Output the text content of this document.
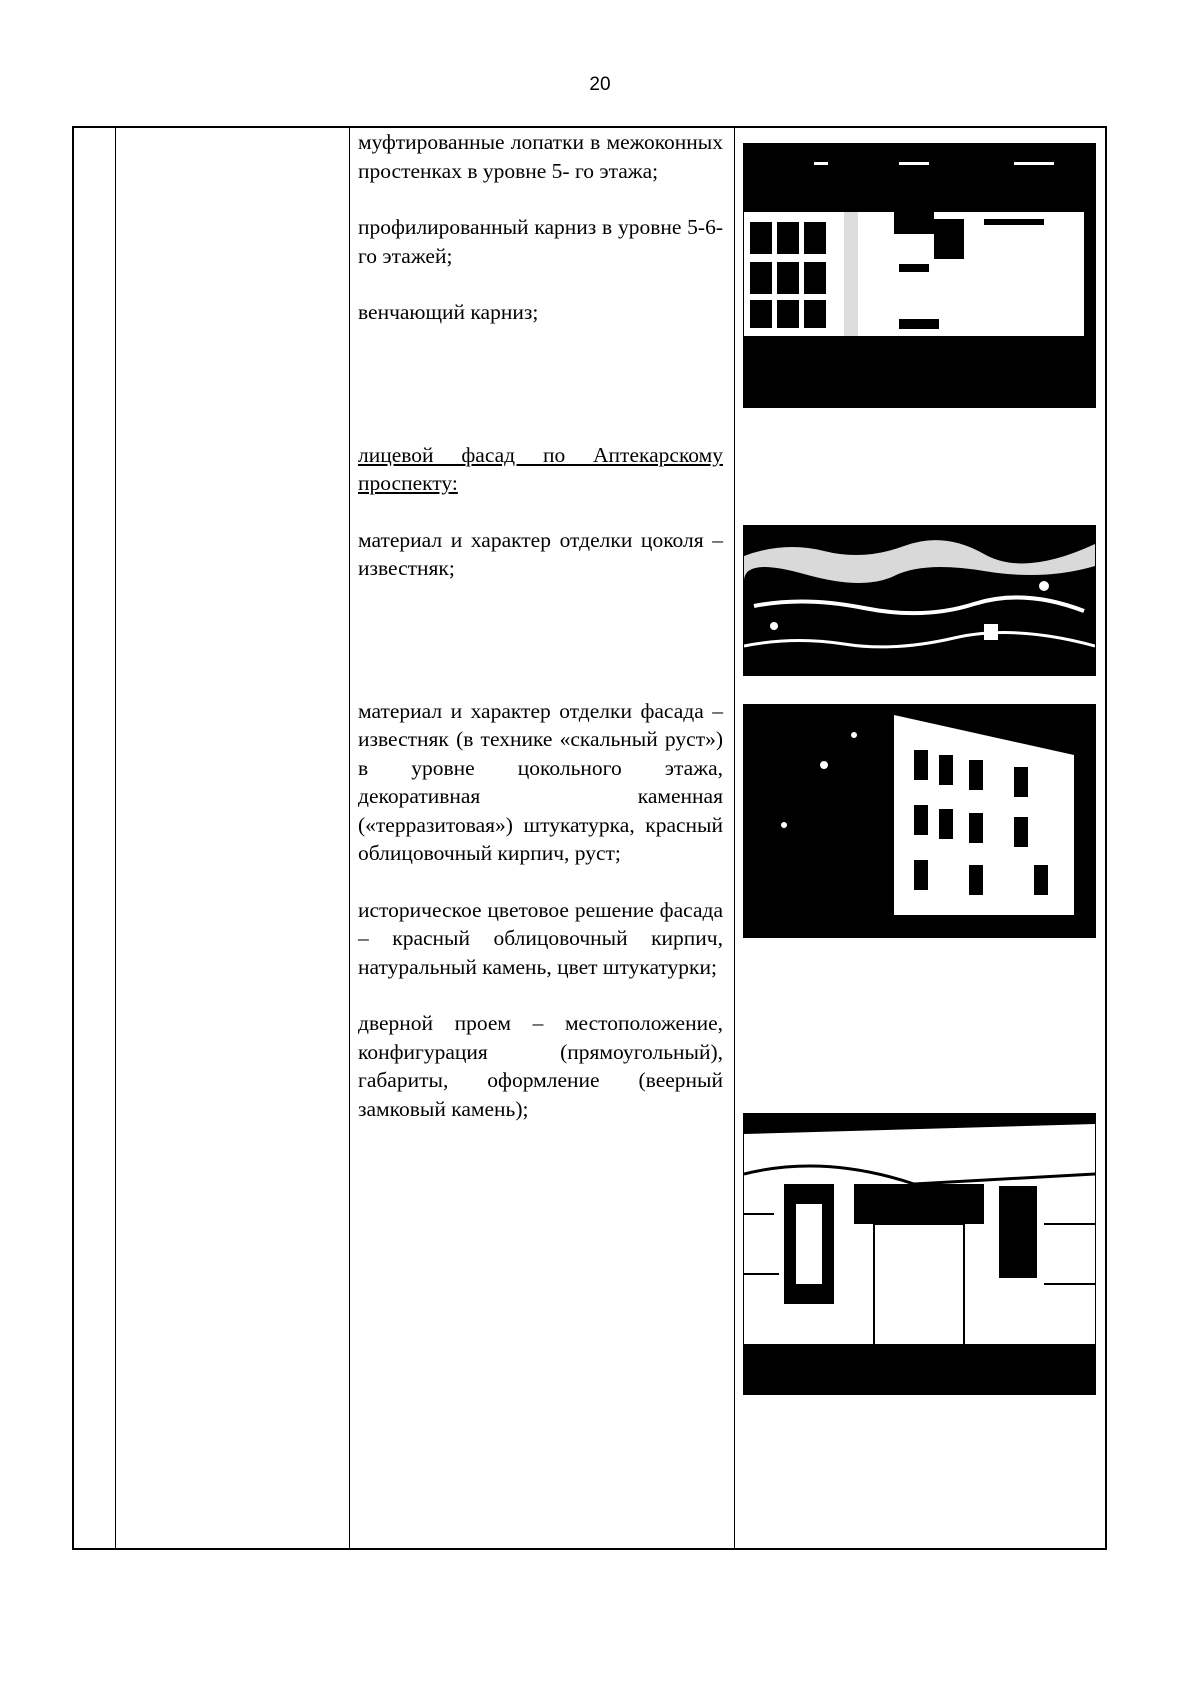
20

муфтированные лопатки в межоконных простенках в уровне 5- го этажа;

профилированный карниз в уровне 5-6-го этажей;

венчающий карниз;

лицевой фасад по Аптекарскому проспекту:

материал и характер отделки цоколя – известняк;

материал и характер отделки фасада – известняк (в технике «скальный руст») в уровне цокольного этажа, декоративная каменная («терразитовая») штукатурка, красный облицовочный кирпич, руст;

историческое цветовое решение фасада – красный облицовочный кирпич, натуральный камень, цвет штукатурки;

дверной проем – местоположение, конфигурация (прямоугольный), габариты, оформление (веерный замковый камень);
